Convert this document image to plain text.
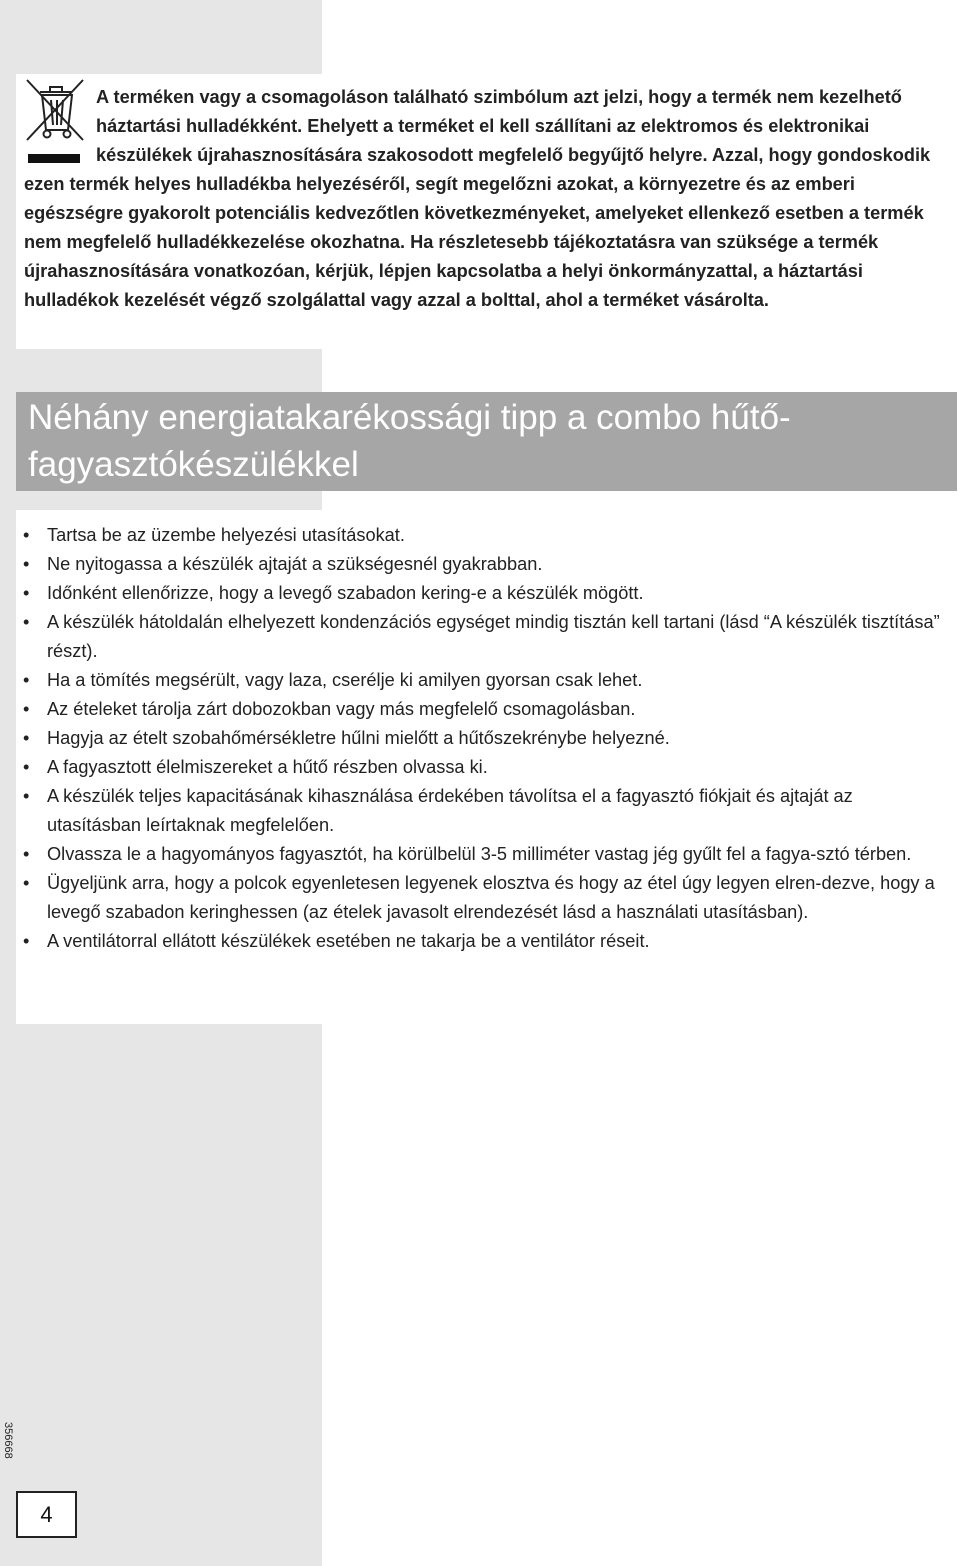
A terméken vagy a csomagoláson található szimbólum azt jelzi, hogy a termék nem kezelhető háztartási hulladékként. Ehelyett a terméket el kell szállítani az elektromos és elektronikai készülékek újrahasznosítására szakosodott megfelelő begyűjtő helyre. Azzal, hogy gondoskodik ezen termék helyes hulladékba helyezéséről, segít megelőzni azokat, a környezetre és az emberi egészségre gyakorolt potenciális kedvezőtlen következményeket, amelyeket ellenkező esetben a termék nem megfelelő hulladékkezelése okozhatna. Ha részletesebb tájékoztatásra van szüksége a termék újrahasznosítására vonatkozóan, kérjük, lépjen kapcsolatba a helyi önkormányzattal, a háztartási hulladékok kezelését végző szolgálattal vagy azzal a bolttal, ahol a terméket vásárolta.

Néhány energiatakarékossági tipp a combo hűtő-fagyasztókészülékkel
• Tartsa be az üzembe helyezési utasításokat.
• Ne nyitogassa a készülék ajtaját a szükségesnél gyakrabban.
• Időnként ellenőrizze, hogy a levegő szabadon kering-e a készülék mögött.
• A készülék hátoldalán elhelyezett kondenzációs egységet mindig tisztán kell tartani (lásd “A készülék tisztítása” részt).
• Ha a tömítés megsérült, vagy laza, cserélje ki amilyen gyorsan csak lehet.
• Az ételeket tárolja zárt dobozokban vagy más megfelelő csomagolásban.
• Hagyja az ételt szobahőmérsékletre hűlni mielőtt a hűtőszekrénybe helyezné.
• A fagyasztott élelmiszereket a hűtő részben olvassa ki.
• A készülék teljes kapacitásának kihasználása érdekében távolítsa el a fagyasztó fiókjait és ajtaját az utasításban leírtaknak megfelelően.
• Olvassza le a hagyományos fagyasztót, ha körülbelül 3-5 milliméter vastag jég gyűlt fel a fagya-sztó térben.
• Ügyeljünk arra, hogy a polcok egyenletesen legyenek elosztva és hogy az étel úgy legyen elren-dezve, hogy a levegő szabadon keringhessen (az ételek javasolt elrendezését lásd a használati utasításban).
• A ventilátorral ellátott készülékek esetében ne takarja be a ventilátor réseit.
356668
4
